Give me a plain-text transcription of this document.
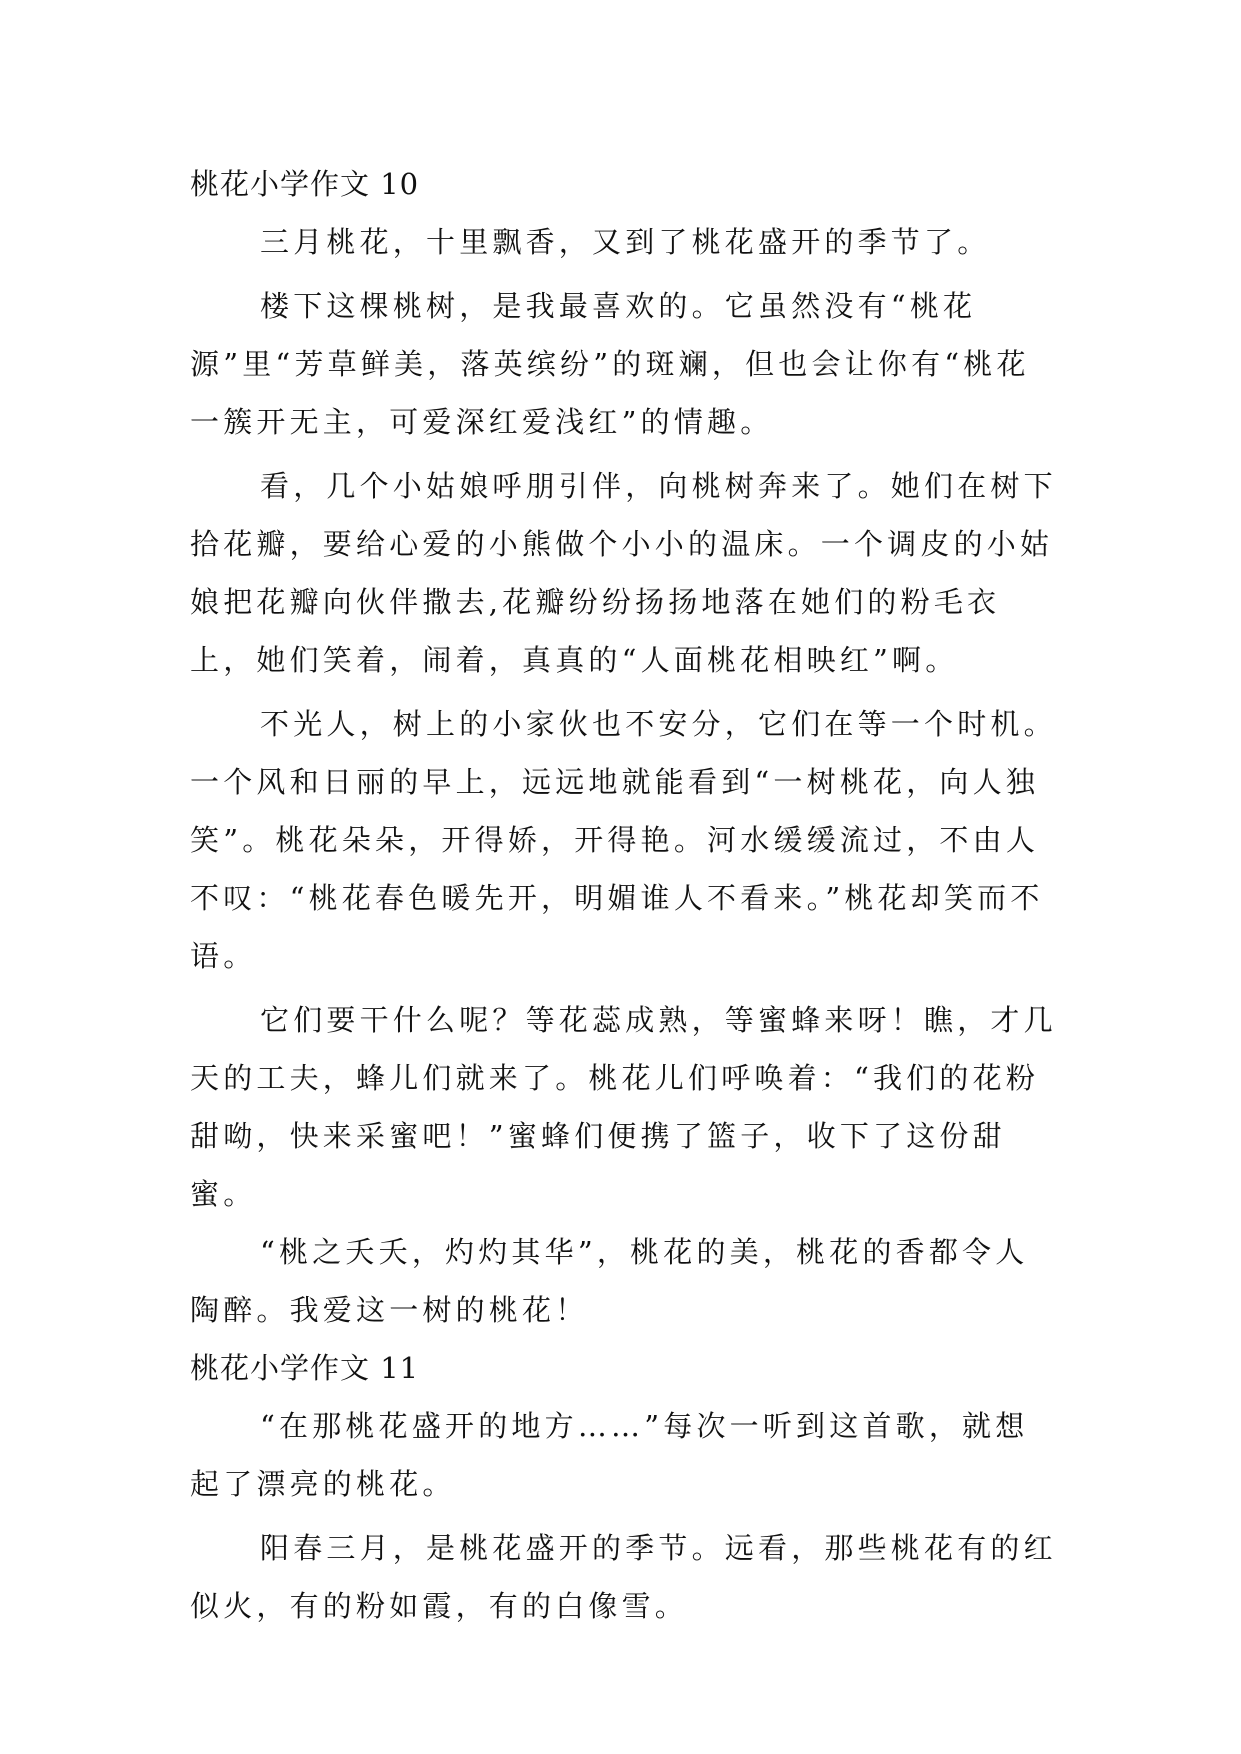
桃花小学作文 10

三月桃花，十里飘香，又到了桃花盛开的季节了。

楼下这棵桃树，是我最喜欢的。它虽然没有“桃花源”里“芳草鲜美，落英缤纷”的斑斓，但也会让你有“桃花一簇开无主，可爱深红爱浅红”的情趣。

看，几个小姑娘呼朋引伴，向桃树奔来了。她们在树下拾花瓣，要给心爱的小熊做个小小的温床。一个调皮的小姑娘把花瓣向伙伴撒去,花瓣纷纷扬扬地落在她们的粉毛衣上，她们笑着，闹着，真真的“人面桃花相映红”啊。

不光人，树上的小家伙也不安分，它们在等一个时机。一个风和日丽的早上，远远地就能看到“一树桃花，向人独笑”。桃花朵朵，开得娇，开得艳。河水缓缓流过，不由人不叹：“桃花春色暖先开，明媚谁人不看来。”桃花却笑而不语。

它们要干什么呢？等花蕊成熟，等蜜蜂来呀！瞧，才几天的工夫，蜂儿们就来了。桃花儿们呼唤着：“我们的花粉甜呦，快来采蜜吧！”蜜蜂们便携了篮子，收下了这份甜蜜。

“桃之夭夭，灼灼其华”，桃花的美，桃花的香都令人陶醉。我爱这一树的桃花！

桃花小学作文 11

“在那桃花盛开的地方……”每次一听到这首歌，就想起了漂亮的桃花。

阳春三月，是桃花盛开的季节。远看，那些桃花有的红似火，有的粉如霞，有的白像雪。
